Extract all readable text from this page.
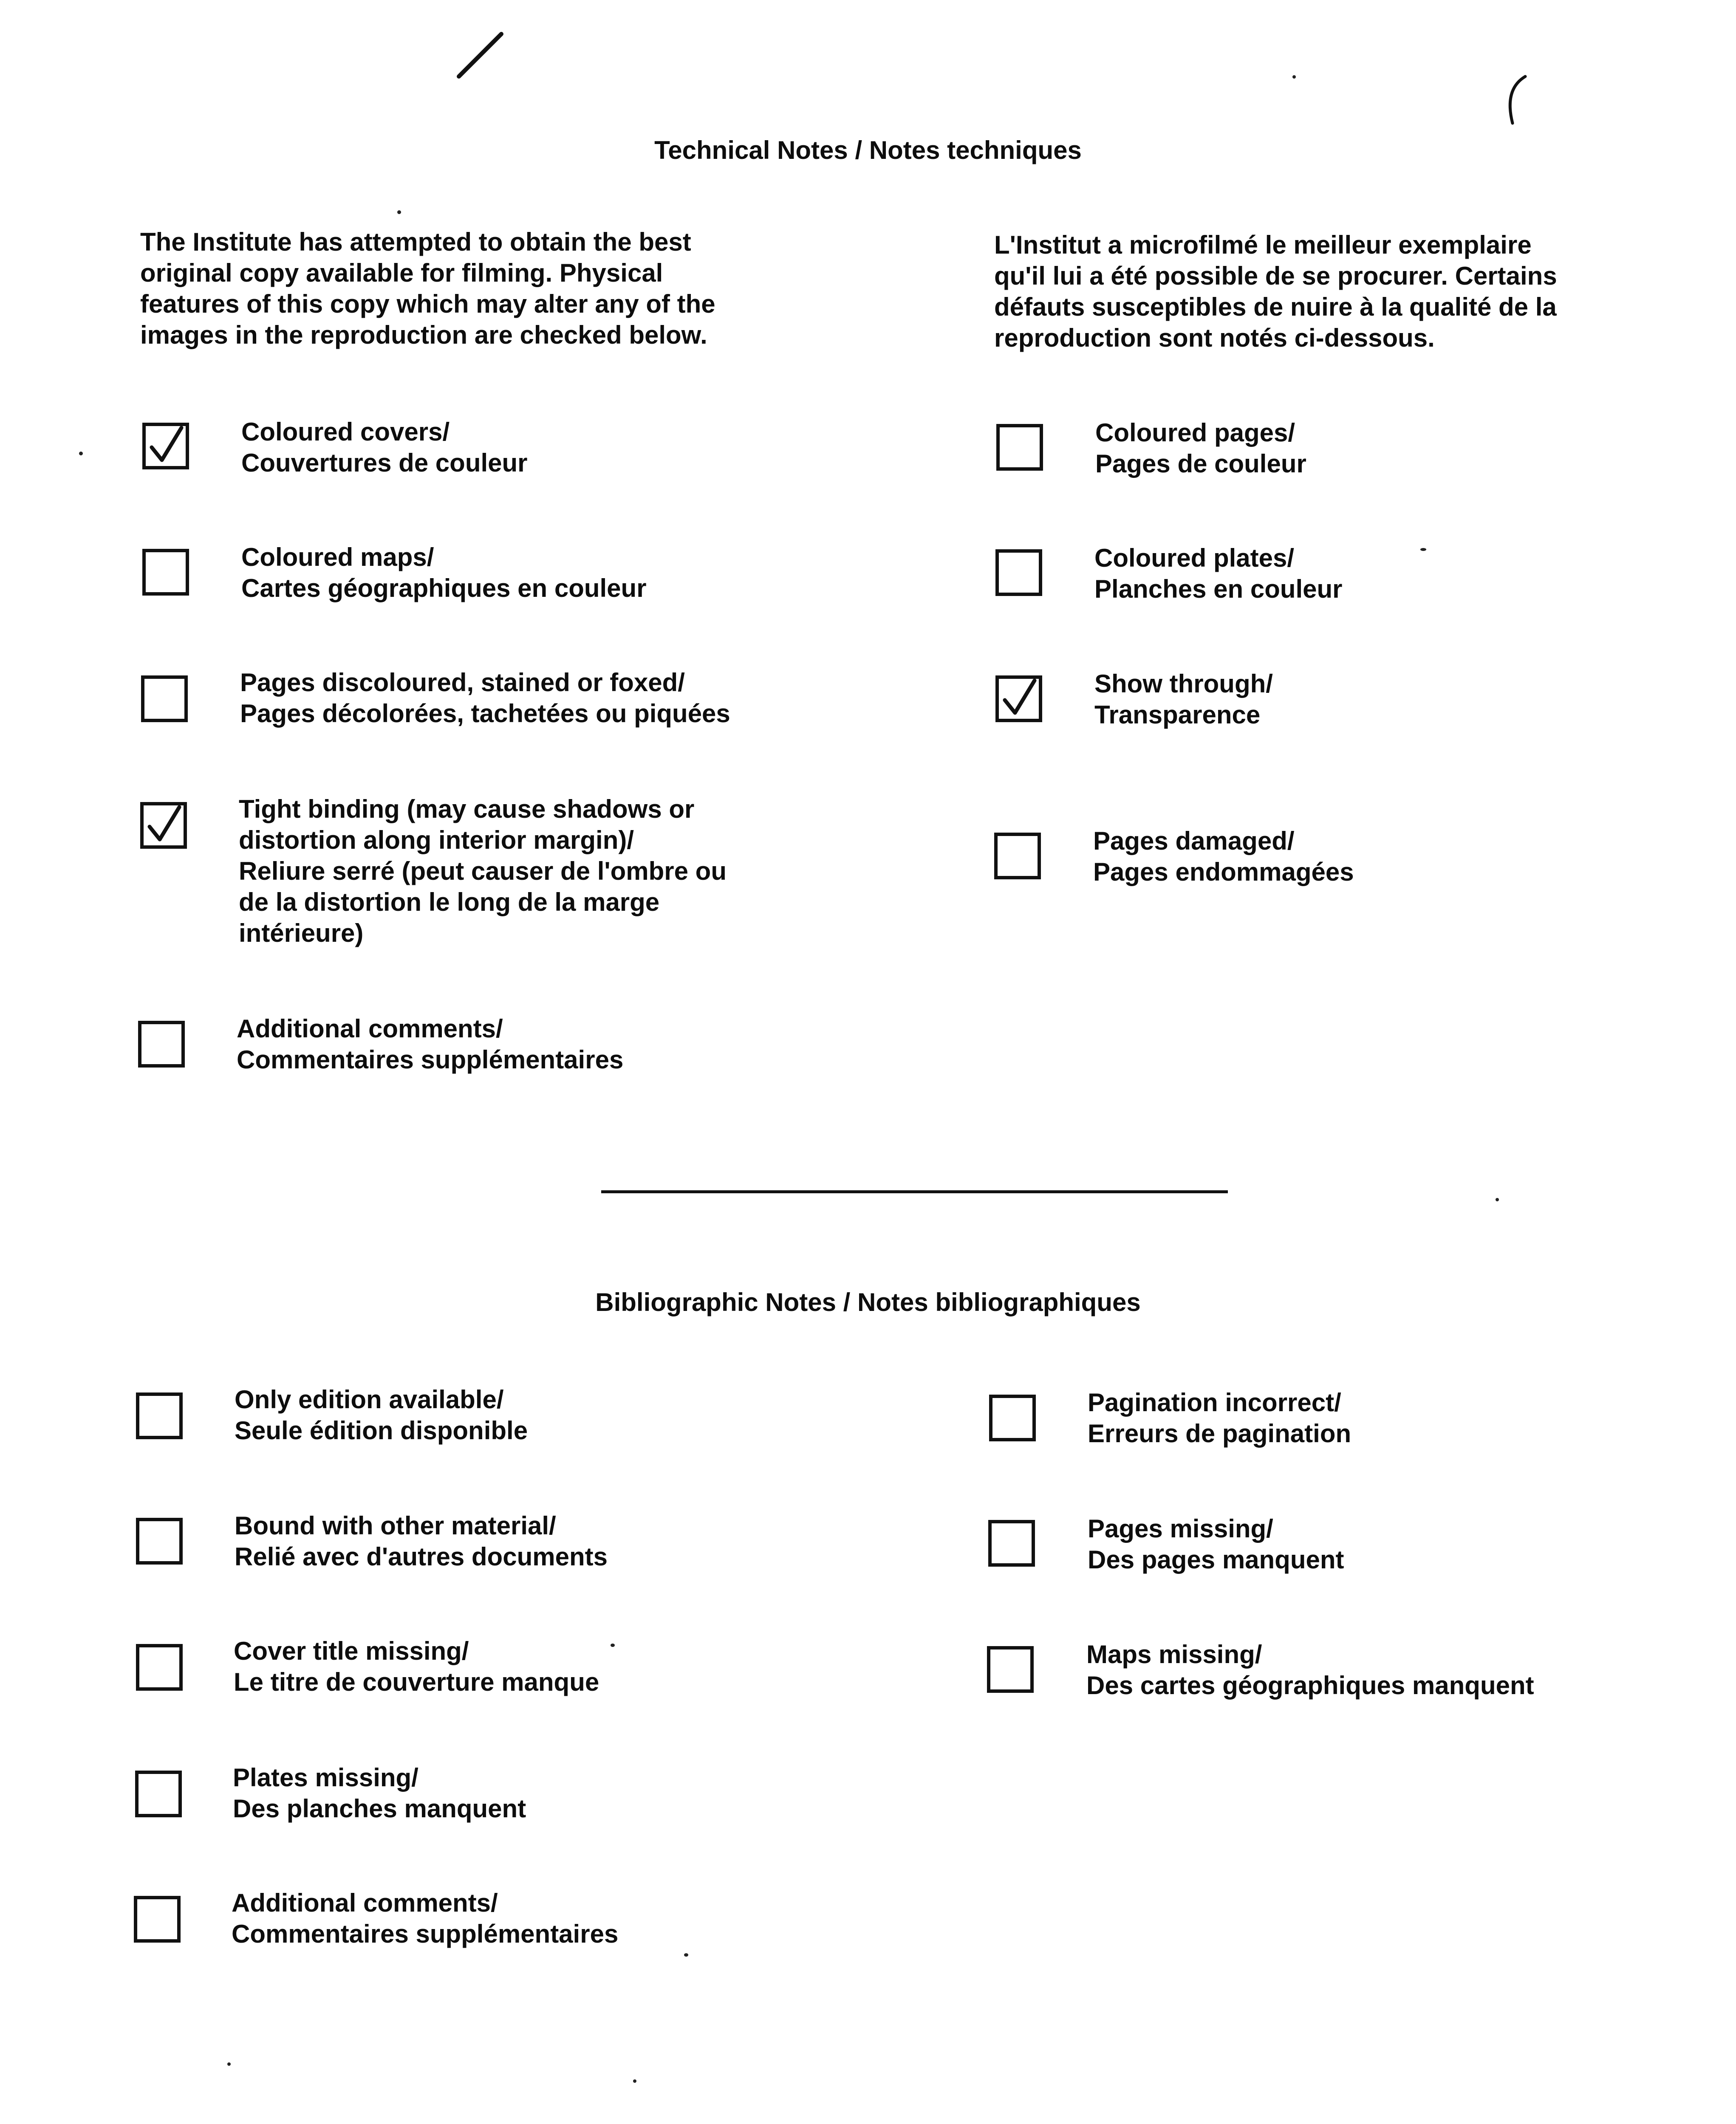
Technical Notes / Notes techniques
The Institute has attempted to obtain the best
original copy available for filming. Physical
features of this copy which may alter any of the
images in the reproduction are checked below.
L'Institut a microfilmé le meilleur exemplaire
qu'il lui a été possible de se procurer. Certains
défauts susceptibles de nuire à la qualité de la
reproduction sont notés ci-dessous.
Coloured covers/
Couvertures de couleur
Coloured maps/
Cartes géographiques en couleur
Pages discoloured, stained or foxed/
Pages décolorées, tachetées ou piquées
Tight binding (may cause shadows or
distortion along interior margin)/
Reliure serré (peut causer de l'ombre ou
de la distortion le long de la marge
intérieure)
Additional comments/
Commentaires supplémentaires
Coloured pages/
Pages de couleur
Coloured plates/
Planches en couleur
Show through/
Transparence
Pages damaged/
Pages endommagées
Bibliographic Notes / Notes bibliographiques
Only edition available/
Seule édition disponible
Bound with other material/
Relié avec d'autres documents
Cover title missing/
Le titre de couverture manque
Plates missing/
Des planches manquent
Additional comments/
Commentaires supplémentaires
Pagination incorrect/
Erreurs de pagination
Pages missing/
Des pages manquent
Maps missing/
Des cartes géographiques manquent
